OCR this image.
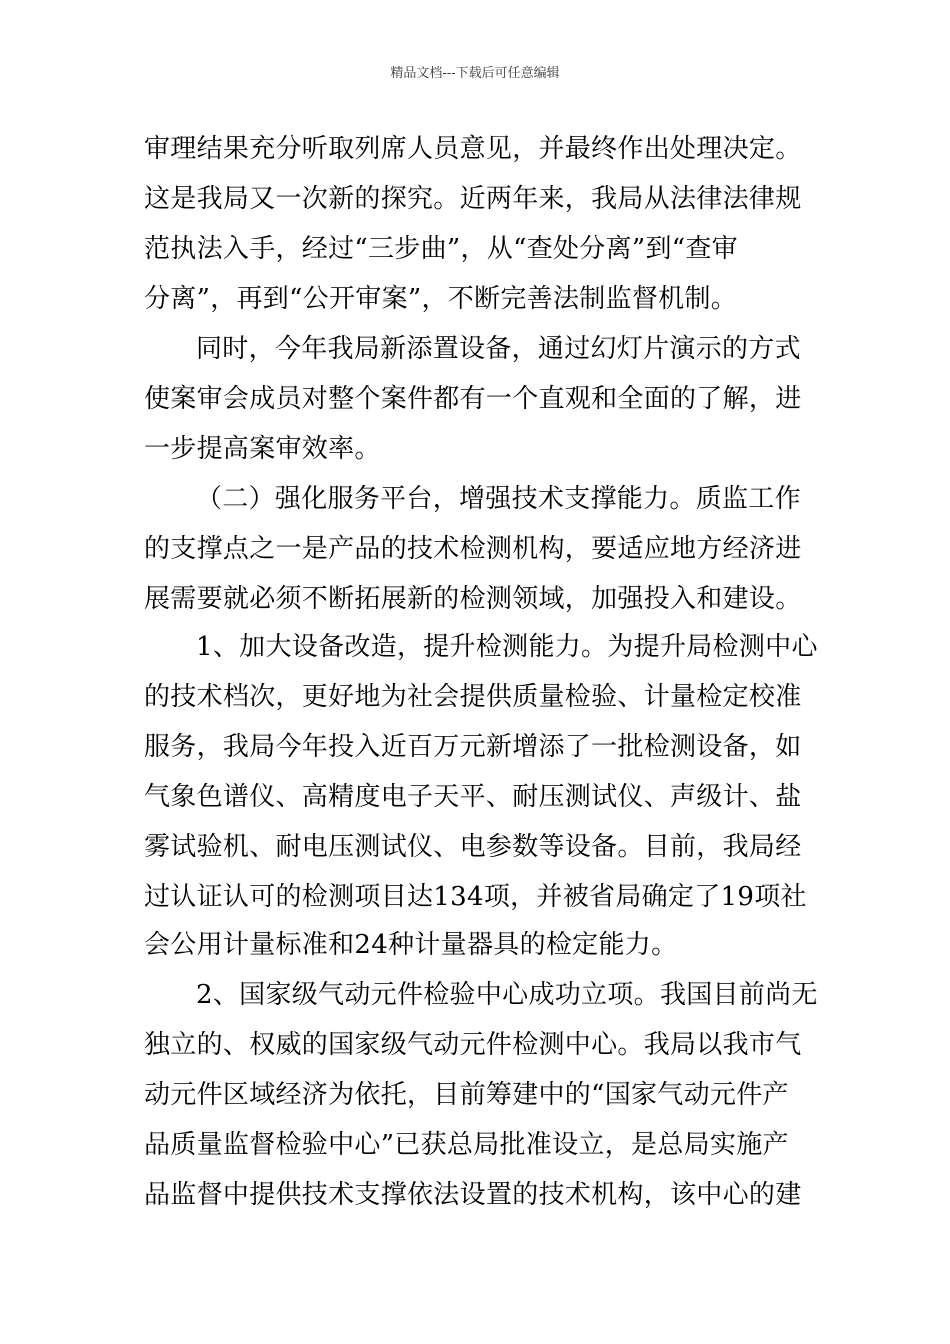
精品文档---下载后可任意编辑
审理结果充分听取列席人员意见，并最终作出处理决定。
这是我局又一次新的探究。近两年来，我局从法律法律规
范执法入手，经过“三步曲”，从“查处分离”到“查审
分离”，再到“公开审案”，不断完善法制监督机制。
同时，今年我局新添置设备，通过幻灯片演示的方式
使案审会成员对整个案件都有一个直观和全面的了解，进
一步提高案审效率。
（二）强化服务平台，增强技术支撑能力。质监工作
的支撑点之一是产品的技术检测机构，要适应地方经济进
展需要就必须不断拓展新的检测领域，加强投入和建设。
1、加大设备改造，提升检测能力。为提升局检测中心
的技术档次，更好地为社会提供质量检验、计量检定校准
服务，我局今年投入近百万元新增添了一批检测设备，如
气象色谱仪、高精度电子天平、耐压测试仪、声级计、盐
雾试验机、耐电压测试仪、电参数等设备。目前，我局经
过认证认可的检测项目达134项，并被省局确定了19项社
会公用计量标准和24种计量器具的检定能力。
2、国家级气动元件检验中心成功立项。我国目前尚无
独立的、权威的国家级气动元件检测中心。我局以我市气
动元件区域经济为依托，目前筹建中的“国家气动元件产
品质量监督检验中心”已获总局批准设立，是总局实施产
品监督中提供技术支撑依法设置的技术机构，该中心的建
